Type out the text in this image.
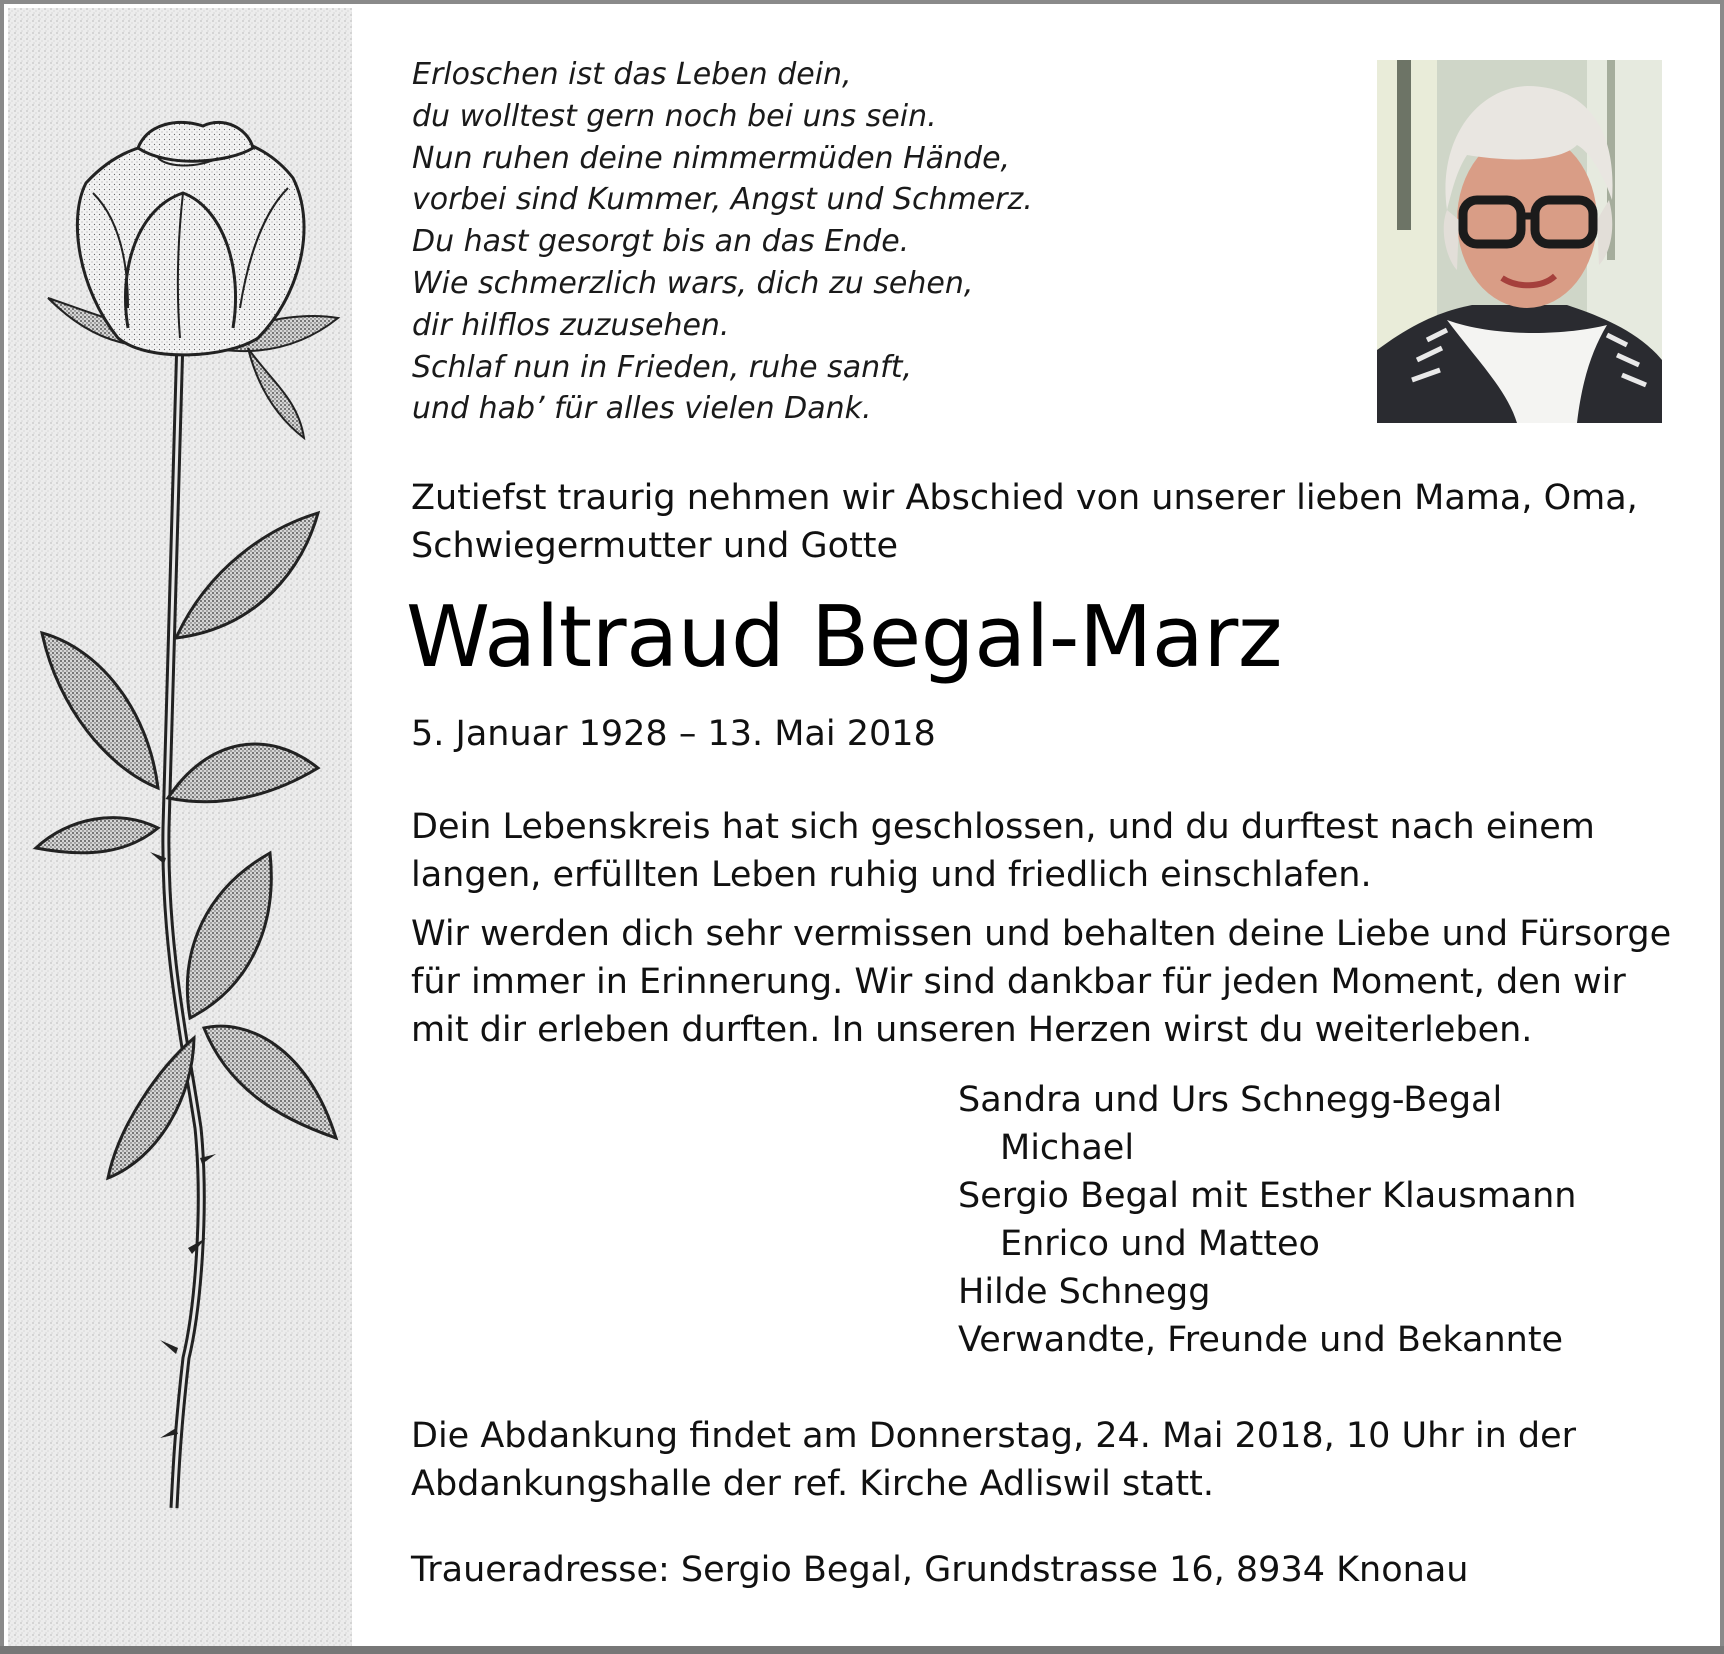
Erloschen ist das Leben dein,
du wolltest gern noch bei uns sein.
Nun ruhen deine nimmermüden Hände,
vorbei sind Kummer, Angst und Schmerz.
Du hast gesorgt bis an das Ende.
Wie schmerzlich wars, dich zu sehen,
dir hilflos zuzusehen.
Schlaf nun in Frieden, ruhe sanft,
und hab’ für alles vielen Dank.
Zutiefst traurig nehmen wir Abschied von unserer lieben Mama, Oma,
Schwiegermutter und Gotte
Waltraud Begal-Marz
5. Januar 1928 – 13. Mai 2018
Dein Lebenskreis hat sich geschlossen, und du durftest nach einem
langen, erfüllten Leben ruhig und friedlich einschlafen.
Wir werden dich sehr vermissen und behalten deine Liebe und Fürsorge
für immer in Erinnerung. Wir sind dankbar für jeden Moment, den wir
mit dir erleben durften. In unseren Herzen wirst du weiterleben.
Sandra und Urs Schnegg-Begal
Michael
Sergio Begal mit Esther Klausmann
Enrico und Matteo
Hilde Schnegg
Verwandte, Freunde und Bekannte
Die Abdankung findet am Donnerstag, 24. Mai 2018, 10 Uhr in der
Abdankungshalle der ref. Kirche Adliswil statt.
Traueradresse: Sergio Begal, Grundstrasse 16, 8934 Knonau
